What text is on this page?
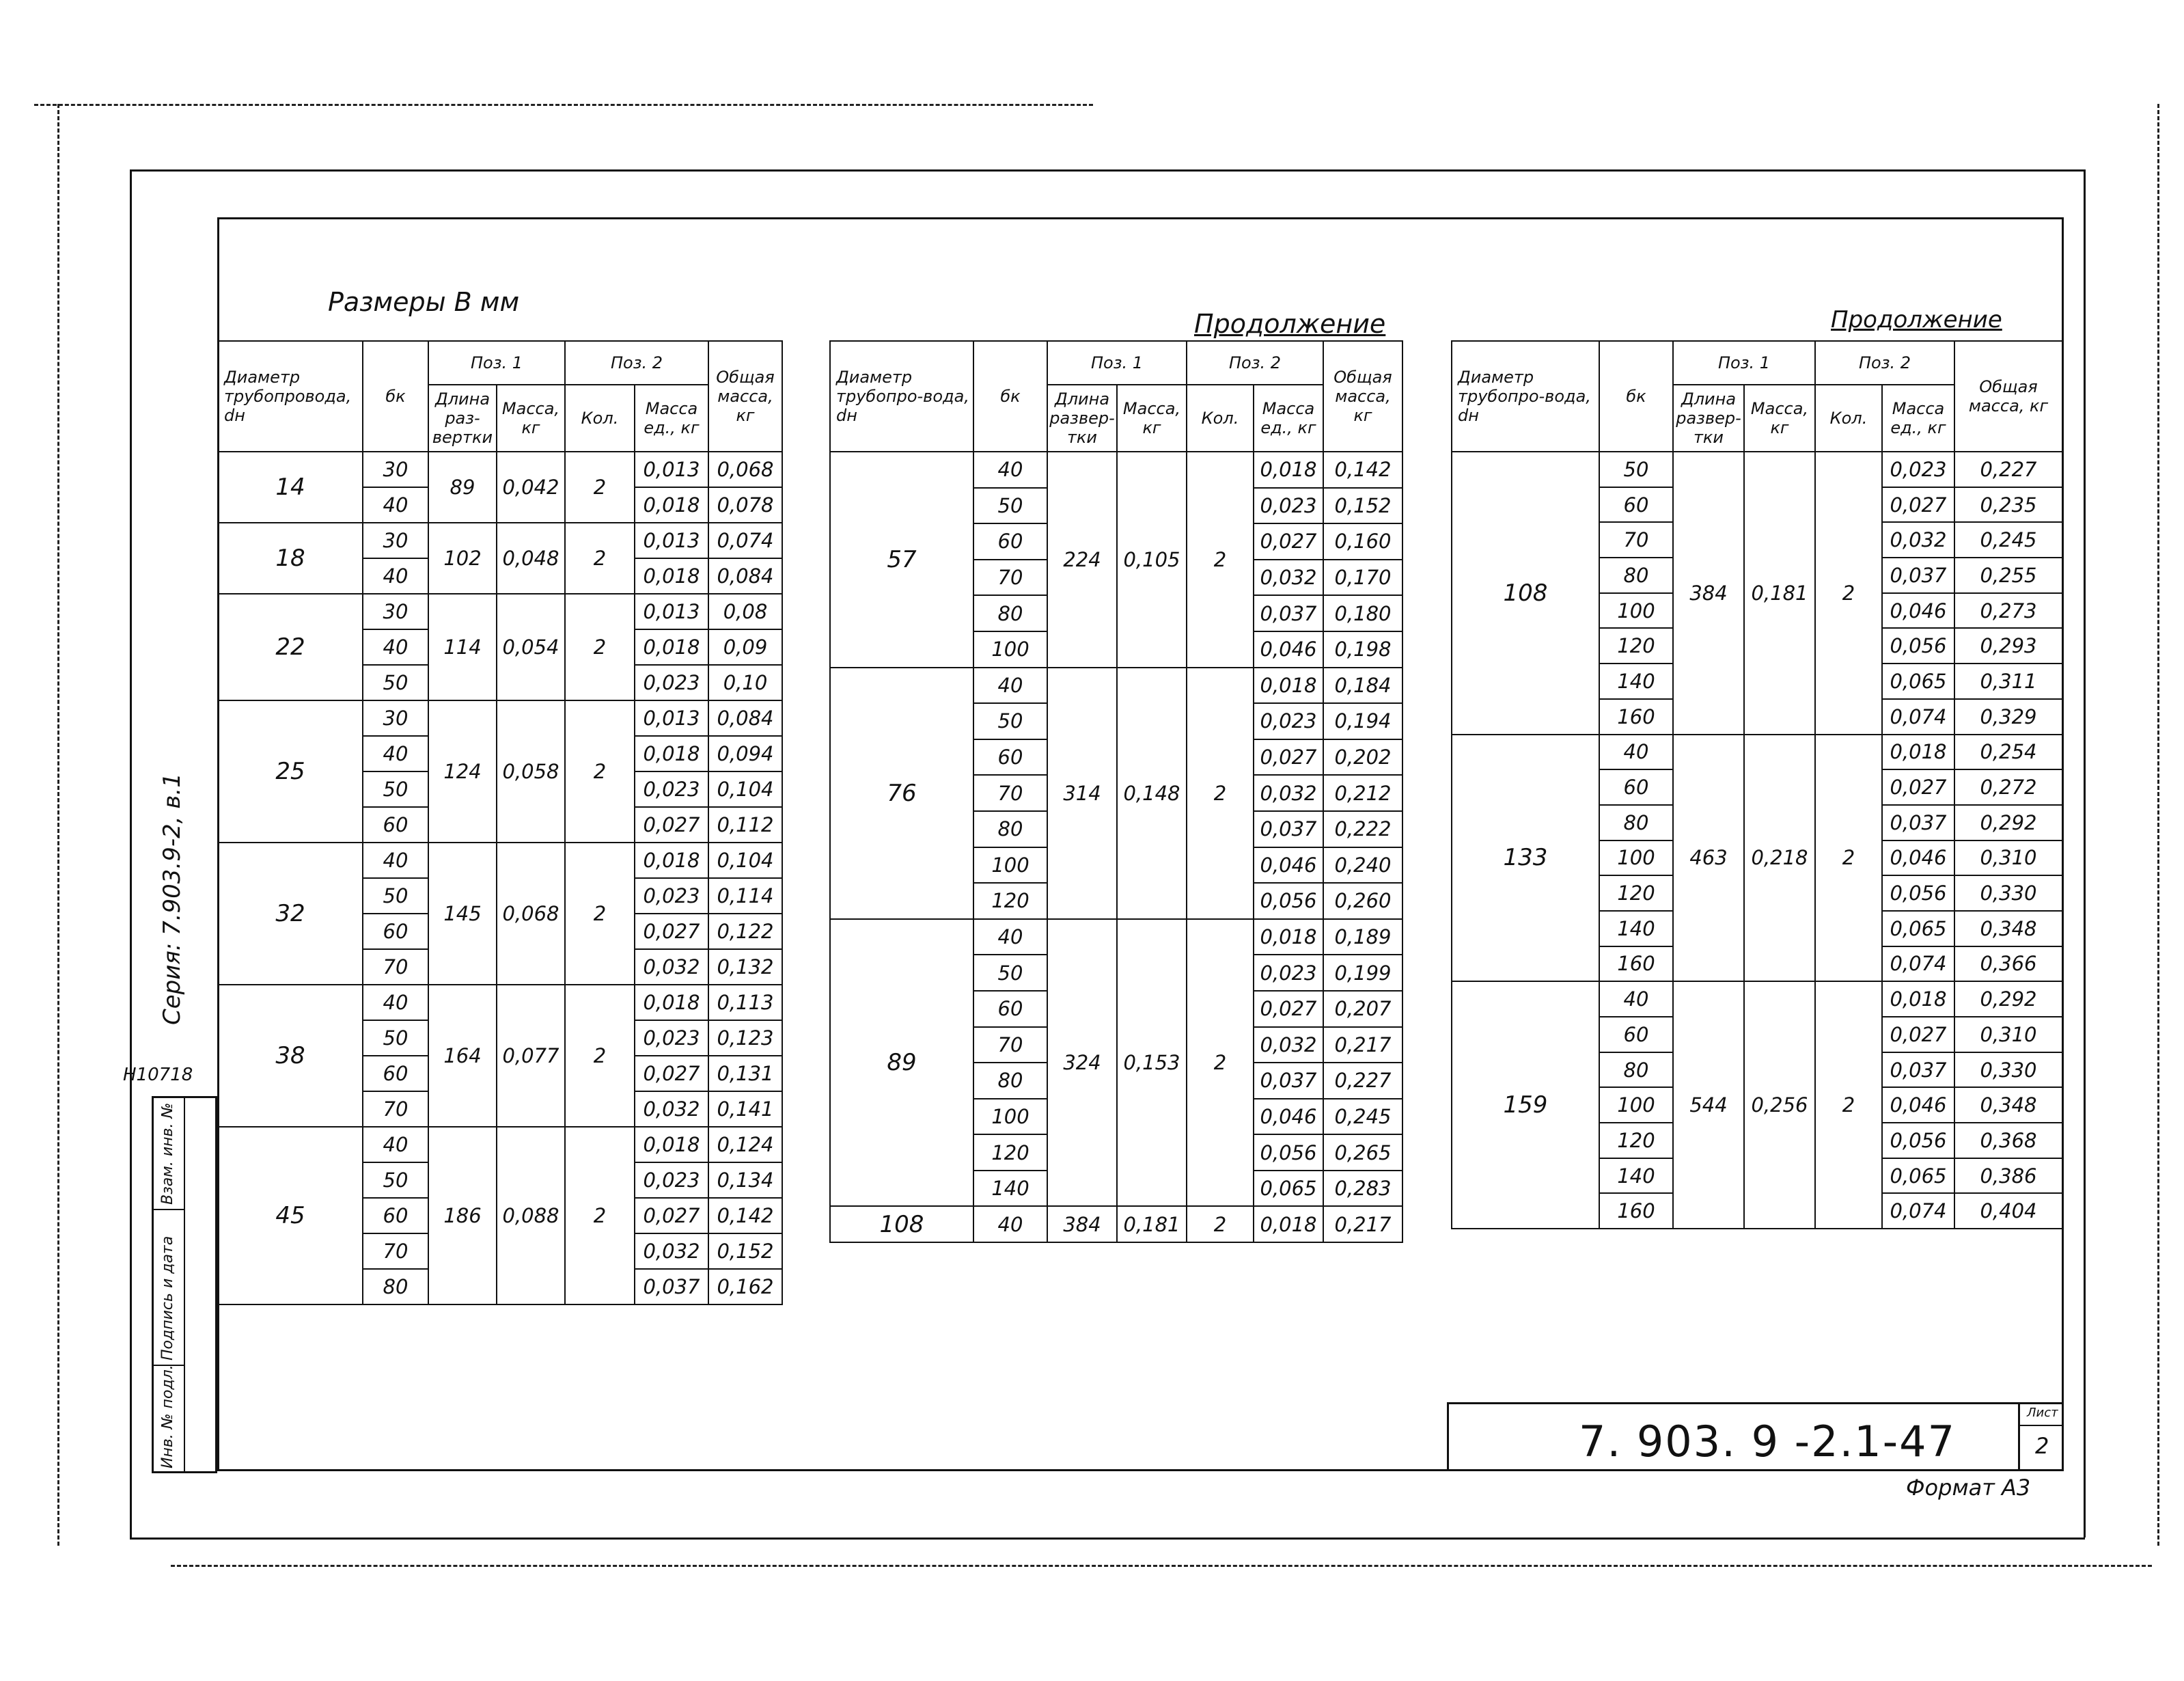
Размеры В мм
Продолжение	Продолжение
Диаметр трубопровода, dн	бк	Поз. 1		Поз. 2		Общая масса, кг
		Длина раз-вертки	Масса, кг	Кол.	Масса ед., кг	
14	30	89	0,042	2	0,013	0,068
	40				0,018	0,078
18	30	102	0,048	2	0,013	0,074
	40				0,018	0,084
22	30	114	0,054	2	0,013	0,08
	40				0,018	0,09
	50				0,023	0,10
25	30	124	0,058	2	0,013	0,084
	40				0,018	0,094
	50				0,023	0,104
	60				0,027	0,112
32	40	145	0,068	2	0,018	0,104
	50				0,023	0,114
	60				0,027	0,122
	70				0,032	0,132
38	40	164	0,077	2	0,018	0,113
	50				0,023	0,123
	60				0,027	0,131
	70				0,032	0,141
45	40	186	0,088	2	0,018	0,124
	50				0,023	0,134
	60				0,027	0,142
	70				0,032	0,152
	80				0,037	0,162
Диаметр трубопро-вода, dн	бк	Поз. 1		Поз. 2		Общая масса, кг
		Длина развер-тки	Масса, кг	Кол.	Масса ед., кг	
57	40	224	0,105	2	0,018	0,142
	50				0,023	0,152
	60				0,027	0,160
	70				0,032	0,170
	80				0,037	0,180
	100				0,046	0,198
76	40	314	0,148	2	0,018	0,184
	50				0,023	0,194
	60				0,027	0,202
	70				0,032	0,212
	80				0,037	0,222
	100				0,046	0,240
	120				0,056	0,260
89	40	324	0,153	2	0,018	0,189
	50				0,023	0,199
	60				0,027	0,207
	70				0,032	0,217
	80				0,037	0,227
	100				0,046	0,245
	120				0,056	0,265
	140				0,065	0,283
108	40	384	0,181	2	0,018	0,217
Диаметр трубопро-вода, dн	бк	Поз. 1		Поз. 2		Общая масса, кг
		Длина развер-тки	Масса, кг	Кол.	Масса ед., кг	
108	50	384	0,181	2	0,023	0,227
	60				0,027	0,235
	70				0,032	0,245
	80				0,037	0,255
	100				0,046	0,273
	120				0,056	0,293
	140				0,065	0,311
	160				0,074	0,329
133	40	463	0,218	2	0,018	0,254
	60				0,027	0,272
	80				0,037	0,292
	100				0,046	0,310
	120				0,056	0,330
	140				0,065	0,348
	160				0,074	0,366
159	40	544	0,256	2	0,018	0,292
	60				0,027	0,310
	80				0,037	0,330
	100				0,046	0,348
	120				0,056	0,368
	140				0,065	0,386
	160				0,074	0,404
Серия: 7.903.9-2, в.1
Н10718
Взам. инв. №
Подпись и дата
Инв. № подл.	7. 903. 9 -2.1-47
Лист
2
Формат А3
